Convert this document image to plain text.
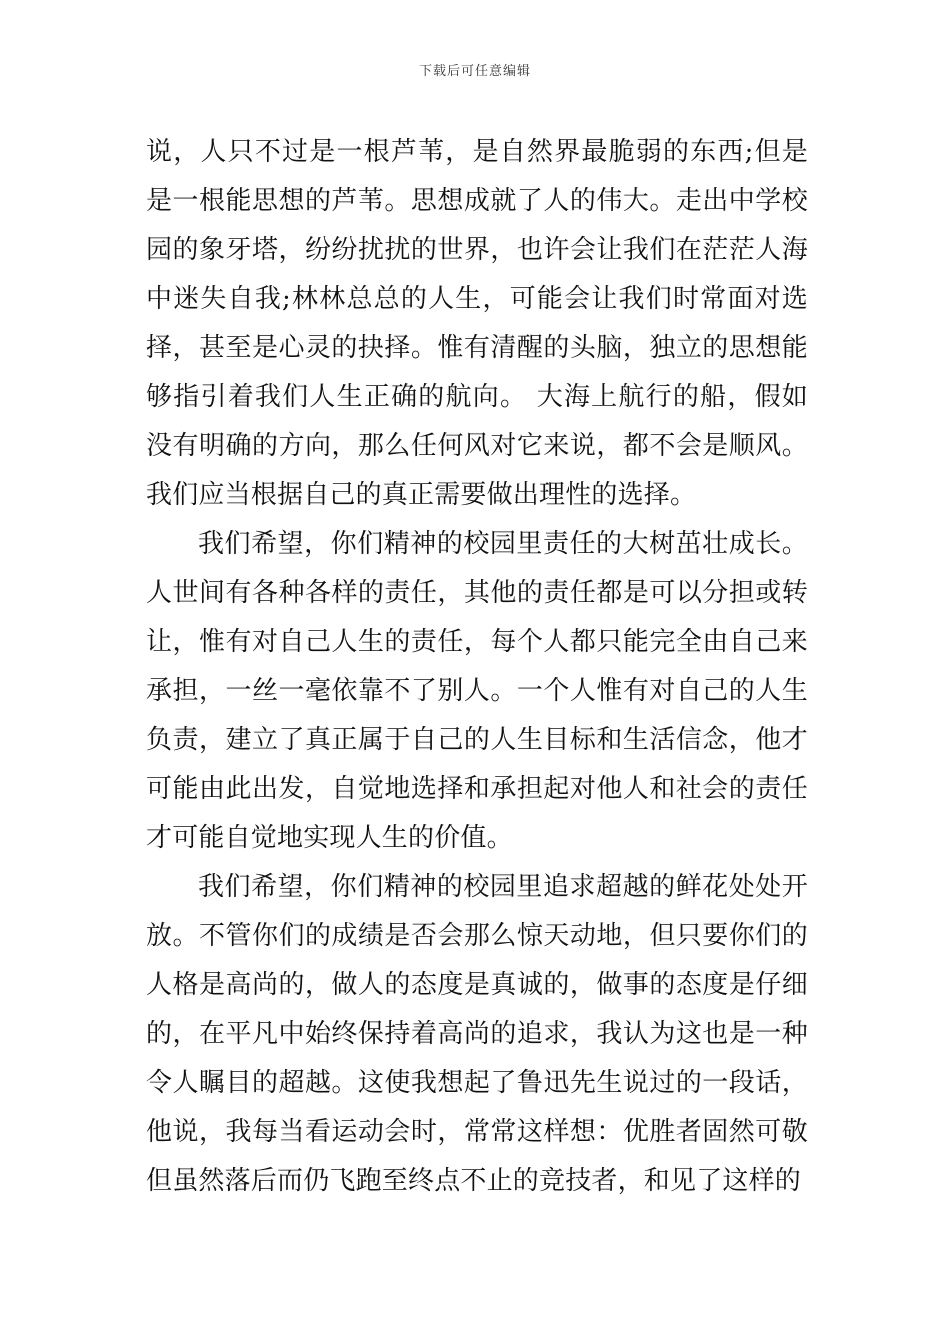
下载后可任意编辑

说，人只不过是一根芦苇，是自然界最脆弱的东西;但是是一根能思想的芦苇。思想成就了人的伟大。走出中学校园的象牙塔，纷纷扰扰的世界，也许会让我们在茫茫人海中迷失自我;林林总总的人生，可能会让我们时常面对选择，甚至是心灵的抉择。惟有清醒的头脑，独立的思想能够指引着我们人生正确的航向。 大海上航行的船，假如没有明确的方向，那么任何风对它来说，都不会是顺风。我们应当根据自己的真正需要做出理性的选择。

我们希望，你们精神的校园里责任的大树茁壮成长。人世间有各种各样的责任，其他的责任都是可以分担或转让，惟有对自己人生的责任，每个人都只能完全由自己来承担，一丝一毫依靠不了别人。一个人惟有对自己的人生负责，建立了真正属于自己的人生目标和生活信念，他才可能由此出发，自觉地选择和承担起对他人和社会的责任才可能自觉地实现人生的价值。

我们希望，你们精神的校园里追求超越的鲜花处处开放。不管你们的成绩是否会那么惊天动地，但只要你们的人格是高尚的，做人的态度是真诚的，做事的态度是仔细的，在平凡中始终保持着高尚的追求，我认为这也是一种令人瞩目的超越。这使我想起了鲁迅先生说过的一段话，他说，我每当看运动会时，常常这样想：优胜者固然可敬但虽然落后而仍飞跑至终点不止的竞技者，和见了这样的
